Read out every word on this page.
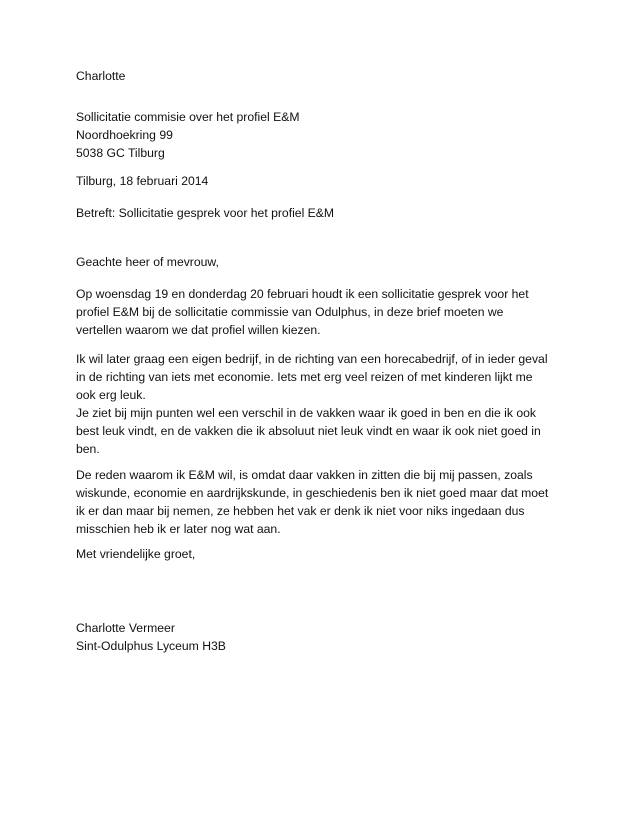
Charlotte
Sollicitatie commisie over het profiel E&M
Noordhoekring 99
5038 GC Tilburg
Tilburg, 18 februari 2014
Betreft: Sollicitatie gesprek voor het profiel E&M
Geachte heer of mevrouw,
Op woensdag 19 en donderdag 20 februari houdt ik een sollicitatie gesprek voor het
profiel E&M bij de sollicitatie commissie van Odulphus, in deze brief moeten we
vertellen waarom we dat profiel willen kiezen.
Ik wil later graag een eigen bedrijf, in de richting van een horecabedrijf, of in ieder geval
in de richting van iets met economie. Iets met erg veel reizen of met kinderen lijkt me
ook erg leuk.
Je ziet bij mijn punten wel een verschil in de vakken waar ik goed in ben en die ik ook
best leuk vindt, en de vakken die ik absoluut niet leuk vindt en waar ik ook niet goed in
ben.
De reden waarom ik E&M wil, is omdat daar vakken in zitten die bij mij passen, zoals
wiskunde, economie en aardrijkskunde, in geschiedenis ben ik niet goed maar dat moet
ik er dan maar bij nemen, ze hebben het vak er denk ik niet voor niks ingedaan dus
misschien heb ik er later nog wat aan.
Met vriendelijke groet,
Charlotte Vermeer
Sint-Odulphus Lyceum H3B
